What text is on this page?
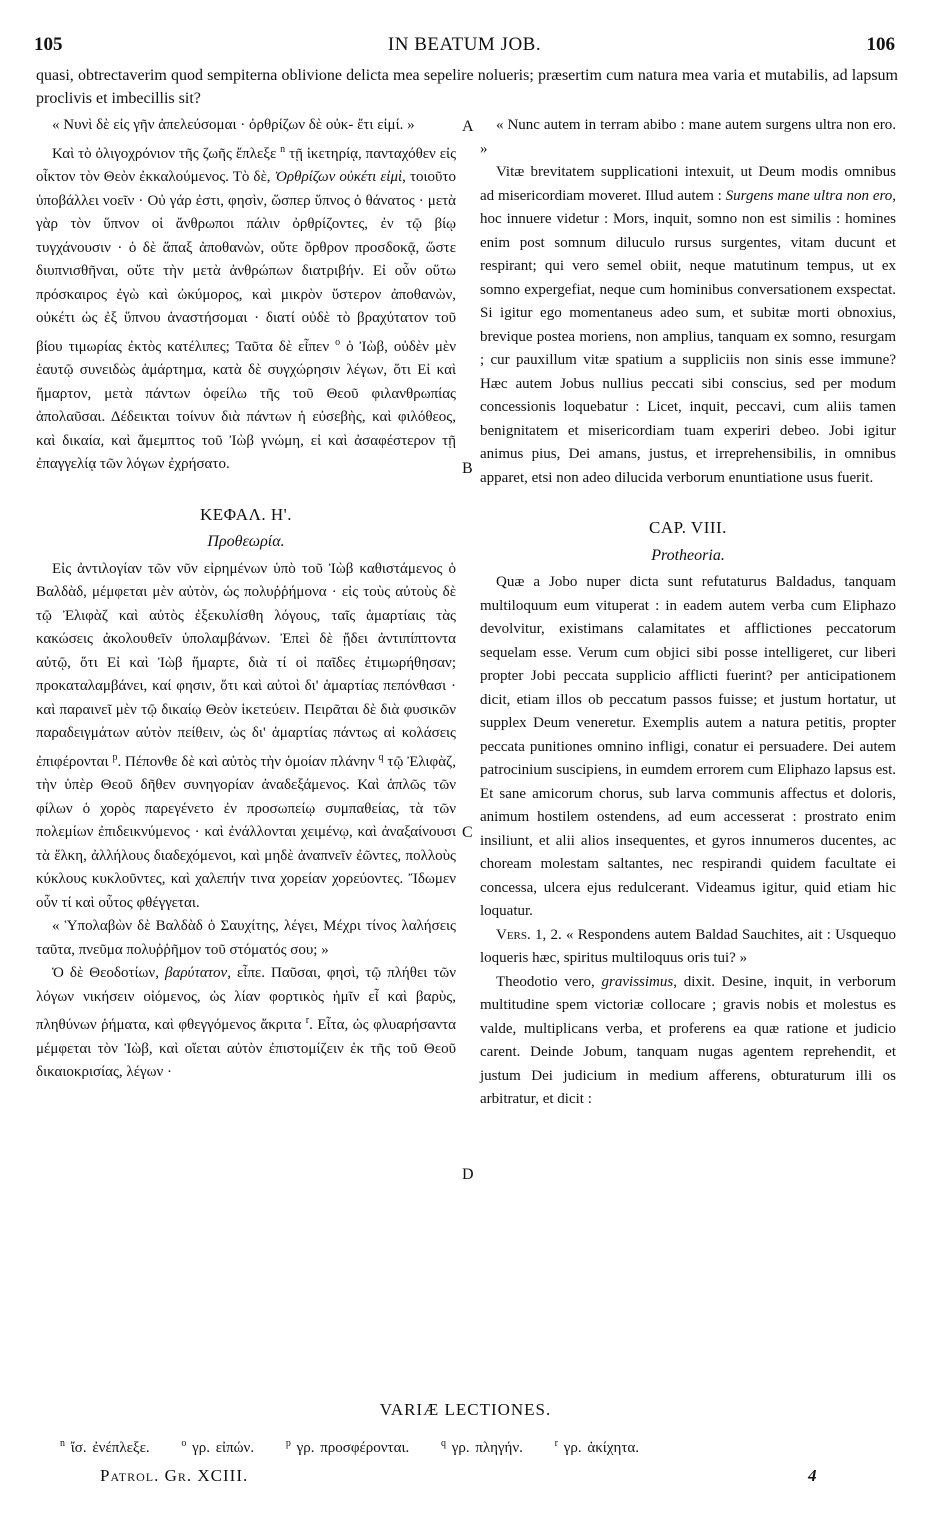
105	IN BEATUM JOB.	106
quasi, obtrectaverim quod sempiterna oblivione delicta mea sepelire nolueris; præsertim cum natura mea varia et mutabilis, ad lapsum proclivis et imbecillis sit?
A
B
C
D

« Νυνὶ δὲ εἰς γῆν ἀπελεύσομαι · ὀρθρίζων δὲ οὐκ- ἔτι εἰμί. »

Καὶ τὸ ὀλιγοχρόνιον τῆς ζωῆς ἔπλεξε $^n$ τῇ ἱκετηρίᾳ, πανταχόθεν εἰς οἶκτον τὸν Θεὸν ἐκκαλούμενος. Τὸ δὲ, Ὀρθρίζων οὐκέτι εἰμὶ, τοιοῦτο ὑποβάλλει νοεῖν · Οὐ γάρ ἐστι, φησὶν, ὥσπερ ὕπνος ὁ θάνατος · μετὰ γὰρ τὸν ὕπνον οἱ ἄνθρωποι πάλιν ὀρθρίζοντες, ἐν τῷ βίῳ τυγχάνουσιν · ὁ δὲ ἅπαξ ἀποθανὼν, οὔτε ὄρθρον προσδοκᾷ, ὥστε διυπνισθῆναι, οὔτε τὴν μετὰ ἀνθρώπων διατριβήν. Εἰ οὖν οὕτω πρόσκαιρος ἐγὼ καὶ ὠκύμορος, καὶ μικρὸν ὕστερον ἀποθανὼν, οὐκέτι ὡς ἐξ ὕπνου ἀναστήσομαι · διατί οὐδὲ τὸ βραχύτατον τοῦ βίου τιμωρίας ἐκτὸς κατέλιπες; Ταῦτα δὲ εἶπεν $^o$ ὁ Ἰὼβ, οὐδὲν μὲν ἑαυτῷ συνειδὼς ἁμάρτημα, κατὰ δὲ συγχώρησιν λέγων, ὅτι Εἰ καὶ ἥμαρτον, μετὰ πάντων ὀφείλω τῆς τοῦ Θεοῦ φιλανθρωπίας ἀπολαῦσαι. Δέδεικται τοίνυν διὰ πάντων ἡ εὐσεβὴς, καὶ φιλόθεος, καὶ δικαία, καὶ ἄμεμπτος τοῦ Ἰὼβ γνώμη, εἰ καὶ ἀσαφέστερον τῇ ἐπαγγελίᾳ τῶν λόγων ἐχρήσατο.

ΚΕΦΑΛ. Η'.
Προθεωρία.

Εἰς ἀντιλογίαν τῶν νῦν εἰρημένων ὑπὸ τοῦ Ἰὼβ καθιστάμενος ὁ Βαλδὰδ, μέμφεται μὲν αὐτὸν, ὡς πολυῤῥήμονα · εἰς τοὺς αὐτοὺς δὲ τῷ Ἐλιφὰζ καὶ αὐτὸς ἐξεκυλίσθη λόγους, ταῖς ἁμαρτίαις τὰς κακώσεις ἀκολουθεῖν ὑπολαμβάνων. Ἐπεὶ δὲ ᾔδει ἀντιπίπτοντα αὐτῷ, ὅτι Εἰ καὶ Ἰὼβ ἥμαρτε, διὰ τί οἱ παῖδες ἐτιμωρήθησαν; προκαταλαμβάνει, καί φησιν, ὅτι καὶ αὐτοὶ δι' ἁμαρτίας πεπόνθασι · καὶ παραινεῖ μὲν τῷ δικαίῳ Θεὸν ἱκετεύειν. Πειρᾶται δὲ διὰ φυσικῶν παραδειγμάτων αὐτὸν πείθειν, ὡς δι' ἁμαρτίας πάντως αἱ κολάσεις ἐπιφέρονται $^p$. Πέπονθε δὲ καὶ αὐτὸς τὴν ὁμοίαν πλάνην $^q$ τῷ Ἐλιφὰζ, τὴν ὑπὲρ Θεοῦ δῆθεν συνηγορίαν ἀναδεξάμενος. Καὶ ἁπλῶς τῶν φίλων ὁ χορὸς παρεγένετο ἐν προσωπείῳ συμπαθείας, τὰ τῶν πολεμίων ἐπιδεικνύμενος · καὶ ἐνάλλονται χειμένῳ, καὶ ἀναξαίνουσι τὰ ἕλκη, ἀλλήλους διαδεχόμενοι, καὶ μηδὲ ἀναπνεῖν ἐῶντες, πολλοὺς κύκλους κυκλοῦντες, καὶ χαλεπήν τινα χορείαν χορεύοντες. Ἴδωμεν οὖν τί καὶ οὗτος φθέγγεται.

« Ὑπολαβὼν δὲ Βαλδὰδ ὁ Σαυχίτης, λέγει, Μέχρι τίνος λαλήσεις ταῦτα, πνεῦμα πολυῤῥῆμον τοῦ στόματός σου; »

Ὁ δὲ Θεοδοτίων, βαρύτατον, εἶπε. Παῦσαι, φησὶ, τῷ πλήθει τῶν λόγων νικήσειν οἰόμενος, ὡς λίαν φορτικὸς ἡμῖν εἶ καὶ βαρὺς, πληθύνων ῥήματα, καὶ φθεγγόμενος ἄκριτα $^r$. Εἶτα, ὡς φλυαρήσαντα μέμφεται τὸν Ἰὼβ, καὶ οἴεται αὐτὸν ἐπιστομίζειν ἐκ τῆς τοῦ Θεοῦ δικαιοκρισίας, λέγων ·

« Nunc autem in terram abibo : mane autem surgens ultra non ero. »

Vitæ brevitatem supplicationi intexuit, ut Deum modis omnibus ad misericordiam moveret. Illud autem : Surgens mane ultra non ero, hoc innuere videtur : Mors, inquit, somno non est similis : homines enim post somnum diluculo rursus surgentes, vitam ducunt et respirant; qui vero semel obiit, neque matutinum tempus, ut ex somno expergefiat, neque cum hominibus conversationem exspectat. Si igitur ego momentaneus adeo sum, et subitæ morti obnoxius, brevique postea moriens, non amplius, tanquam ex somno, resurgam ; cur pauxillum vitæ spatium a suppliciis non sinis esse immune? Hæc autem Jobus nullius peccati sibi conscius, sed per modum concessionis loquebatur : Licet, inquit, peccavi, cum aliis tamen benignitatem et misericordiam tuam experiri debeo. Jobi igitur animus pius, Dei amans, justus, et irreprehensibilis, in omnibus apparet, etsi non adeo dilucida verborum enuntiatione usus fuerit.

CAP. VIII.
Protheoria.

Quæ a Jobo nuper dicta sunt refutaturus Baldadus, tanquam multiloquum eum vituperat : in eadem autem verba cum Eliphazo devolvitur, existimans calamitates et afflictiones peccatorum sequelam esse. Verum cum objici sibi posse intelligeret, cur liberi propter Jobi peccata supplicio afflicti fuerint? per anticipationem dicit, etiam illos ob peccatum passos fuisse; et justum hortatur, ut supplex Deum veneretur. Exemplis autem a natura petitis, propter peccata punitiones omnino infligi, conatur ei persuadere. Dei autem patrocinium suscipiens, in eumdem errorem cum Eliphazo lapsus est. Et sane amicorum chorus, sub larva communis affectus et doloris, animum hostilem ostendens, ad eum accesserat : prostrato enim insiliunt, et alii alios insequentes, et gyros innumeros ducentes, ac choream molestam saltantes, nec respirandi quidem facultate ei concessa, ulcera ejus redulcerant. Videamus igitur, quid etiam hic loquatur.

Vers. 1, 2. « Respondens autem Baldad Sauchites, ait : Usquequo loqueris hæc, spiritus multiloquus oris tui? »

Theodotio vero, gravissimus, dixit. Desine, inquit, in verborum multitudine spem victoriæ collocare ; gravis nobis et molestus es valde, multiplicans verba, et proferens ea quæ ratione et judicio carent. Deinde Jobum, tanquam nugas agentem reprehendit, et justum Dei judicium in medium afferens, obturaturum illi os arbitratur, et dicit :

VARIÆ LECTIONES.
$^n$ ἴσ. ἐνέπλεξε.	$^o$ γρ. εἰπών.	$^p$ γρ. προσφέρονται.	$^q$ γρ. πληγήν.	$^r$ γρ. ἀκίχητα.
Patrol. Gr. XCIII.	4
